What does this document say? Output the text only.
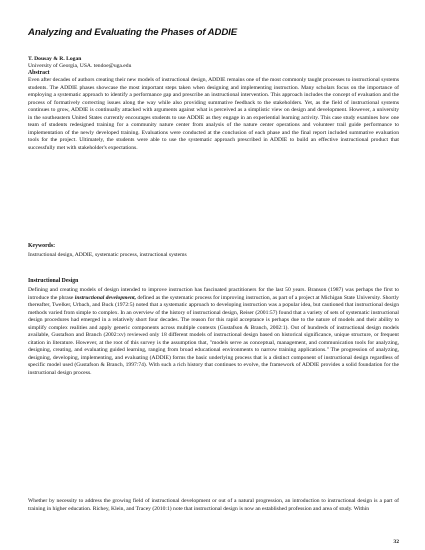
Analyzing and Evaluating the Phases of ADDIE
T. Dousay & R. Logan
University of Georgia, USA. tendoe@uga.edu
Abstract

Even after decades of authors creating their new models of instructional design, ADDIE remains one of the most commonly taught processes to instructional systems students. The ADDIE phases showcase the most important steps taken when designing and implementing instruction. Many scholars focus on the importance of employing a systematic approach to identify a performance gap and prescribe an instructional intervention. This approach includes the concept of evaluation and the process of formatively correcting issues along the way while also providing summative feedback to the stakeholders. Yet, as the field of instructional systems continues to grow, ADDIE is continually attacked with arguments against what is perceived as a simplistic view on design and development. However, a university in the southeastern United States currently encourages students to use ADDIE as they engage in an experiential learning activity. This case study examines how one team of students redesigned training for a community nature center from analysis of the nature center operations and volunteer trail guide performance to implementation of the newly developed training. Evaluations were conducted at the conclusion of each phase and the final report included summative evaluation tools for the project. Ultimately, the students were able to use the systematic approach prescribed in ADDIE to build an effective instructional product that successfully met with stakeholder's expectations.

Keywords:
Instructional design, ADDIE, systematic process, instructional systems
Instructional Design

Defining and creating models of design intended to improve instruction has fascinated practitioners for the last 50 years. Branson (1987) was perhaps the first to introduce the phrase instructional development, defined as the systematic process for improving instruction, as part of a project at Michigan State University. Shortly thereafter, Twelker, Urbach, and Buck (1972:5) noted that a systematic approach to developing instruction was a popular idea, but cautioned that instructional design methods varied from simple to complex. In an overview of the history of instructional design, Reiser (2001:57) found that a variety of sets of systematic instructional design procedures had emerged in a relatively short four decades. The reason for this rapid acceptance is perhaps due to the nature of models and their ability to simplify complex realities and apply generic components across multiple contexts (Gustafson & Branch, 2002:1). Out of hundreds of instructional design models available, Gustafson and Branch (2002:xv) reviewed only 18 different models of instructional design based on historical significance, unique structure, or frequent citation in literature. However, at the root of this survey is the assumption that, "models serve as conceptual, management, and communication tools for analyzing, designing, creating, and evaluating guided learning, ranging from broad educational environments to narrow training applications." The progression of analyzing, designing, developing, implementing, and evaluating (ADDIE) forms the basic underlying process that is a distinct component of instructional design regardless of specific model used (Gustafson & Branch, 1997:74). With such a rich history that continues to evolve, the framework of ADDIE provides a solid foundation for the instructional design process.

Whether by necessity to address the growing field of instructional development or out of a natural progression, an introduction to instructional design is a part of training in higher education. Richey, Klein, and Tracey (2010:1) note that instructional design is now an established profession and area of study. Within

32
